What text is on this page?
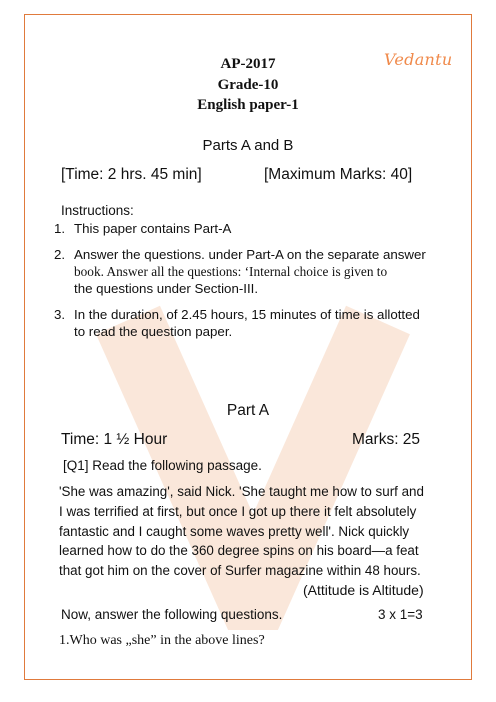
Vedantu
AP-2017
Grade-10
English paper-1
Parts A and B
[Time: 2 hrs. 45 min]	[Maximum Marks: 40]
Instructions:
1. This paper contains Part-A
2. Answer the questions. under Part-A on the separate answer
book. Answer all the questions: ‘Internal choice is given to
the questions under Section-III.
3. In the duration, of 2.45 hours, 15 minutes of time is allotted
to read the question paper.
Part A
Time: 1 ½ Hour	Marks: 25
[Q1] Read the following passage.
'She was amazing', said Nick. 'She taught me how to surf and
I was terrified at first, but once I got up there it felt absolutely
fantastic and I caught some waves pretty well'. Nick quickly
learned how to do the 360 degree spins on his board—a feat
that got him on the cover of Surfer magazine within 48 hours.
(Attitude is Altitude)
Now, answer the following questions.	3 x 1=3
1.Who was „she” in the above lines?
